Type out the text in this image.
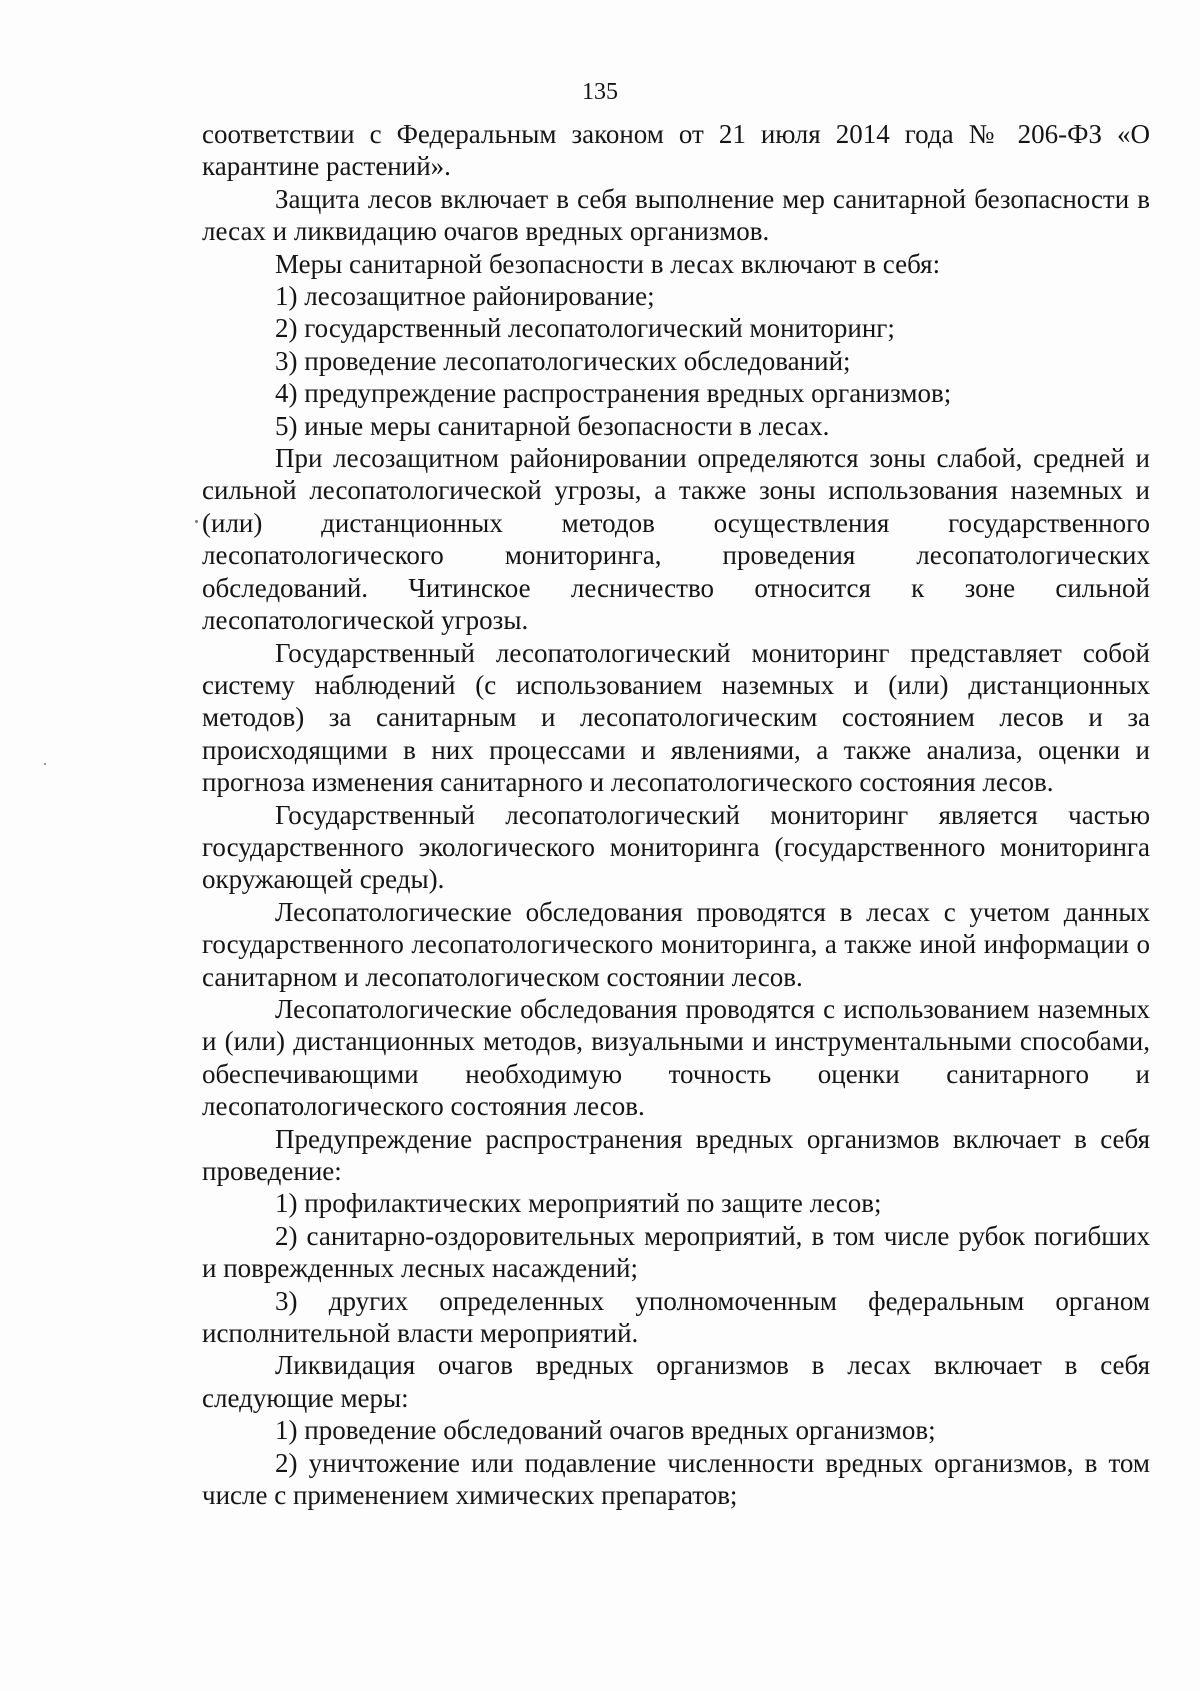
135

соответствии с Федеральным законом от 21 июля 2014 года № 206-ФЗ «О карантине растений».

Защита лесов включает в себя выполнение мер санитарной безопасности в лесах и ликвидацию очагов вредных организмов.

Меры санитарной безопасности в лесах включают в себя:

1) лесозащитное районирование;

2) государственный лесопатологический мониторинг;

3) проведение лесопатологических обследований;

4) предупреждение распространения вредных организмов;

5) иные меры санитарной безопасности в лесах.

При лесозащитном районировании определяются зоны слабой, средней и сильной лесопатологической угрозы, а также зоны использования наземных и (или) дистанционных методов осуществления государственного лесопатологического мониторинга, проведения лесопатологических обследований. Читинское лесничество относится к зоне сильной лесопатологической угрозы.

Государственный лесопатологический мониторинг представляет собой систему наблюдений (с использованием наземных и (или) дистанционных методов) за санитарным и лесопатологическим состоянием лесов и за происходящими в них процессами и явлениями, а также анализа, оценки и прогноза изменения санитарного и лесопатологического состояния лесов.

Государственный лесопатологический мониторинг является частью государственного экологического мониторинга (государственного мониторинга окружающей среды).

Лесопатологические обследования проводятся в лесах с учетом данных государственного лесопатологического мониторинга, а также иной информации о санитарном и лесопатологическом состоянии лесов.

Лесопатологические обследования проводятся с использованием наземных и (или) дистанционных методов, визуальными и инструментальными способами, обеспечивающими необходимую точность оценки санитарного и лесопатологического состояния лесов.

Предупреждение распространения вредных организмов включает в себя проведение:

1) профилактических мероприятий по защите лесов;

2) санитарно-оздоровительных мероприятий, в том числе рубок погибших и поврежденных лесных насаждений;

3) других определенных уполномоченным федеральным органом исполнительной власти мероприятий.

Ликвидация очагов вредных организмов в лесах включает в себя следующие меры:

1) проведение обследований очагов вредных организмов;

2) уничтожение или подавление численности вредных организмов, в том числе с применением химических препаратов;
